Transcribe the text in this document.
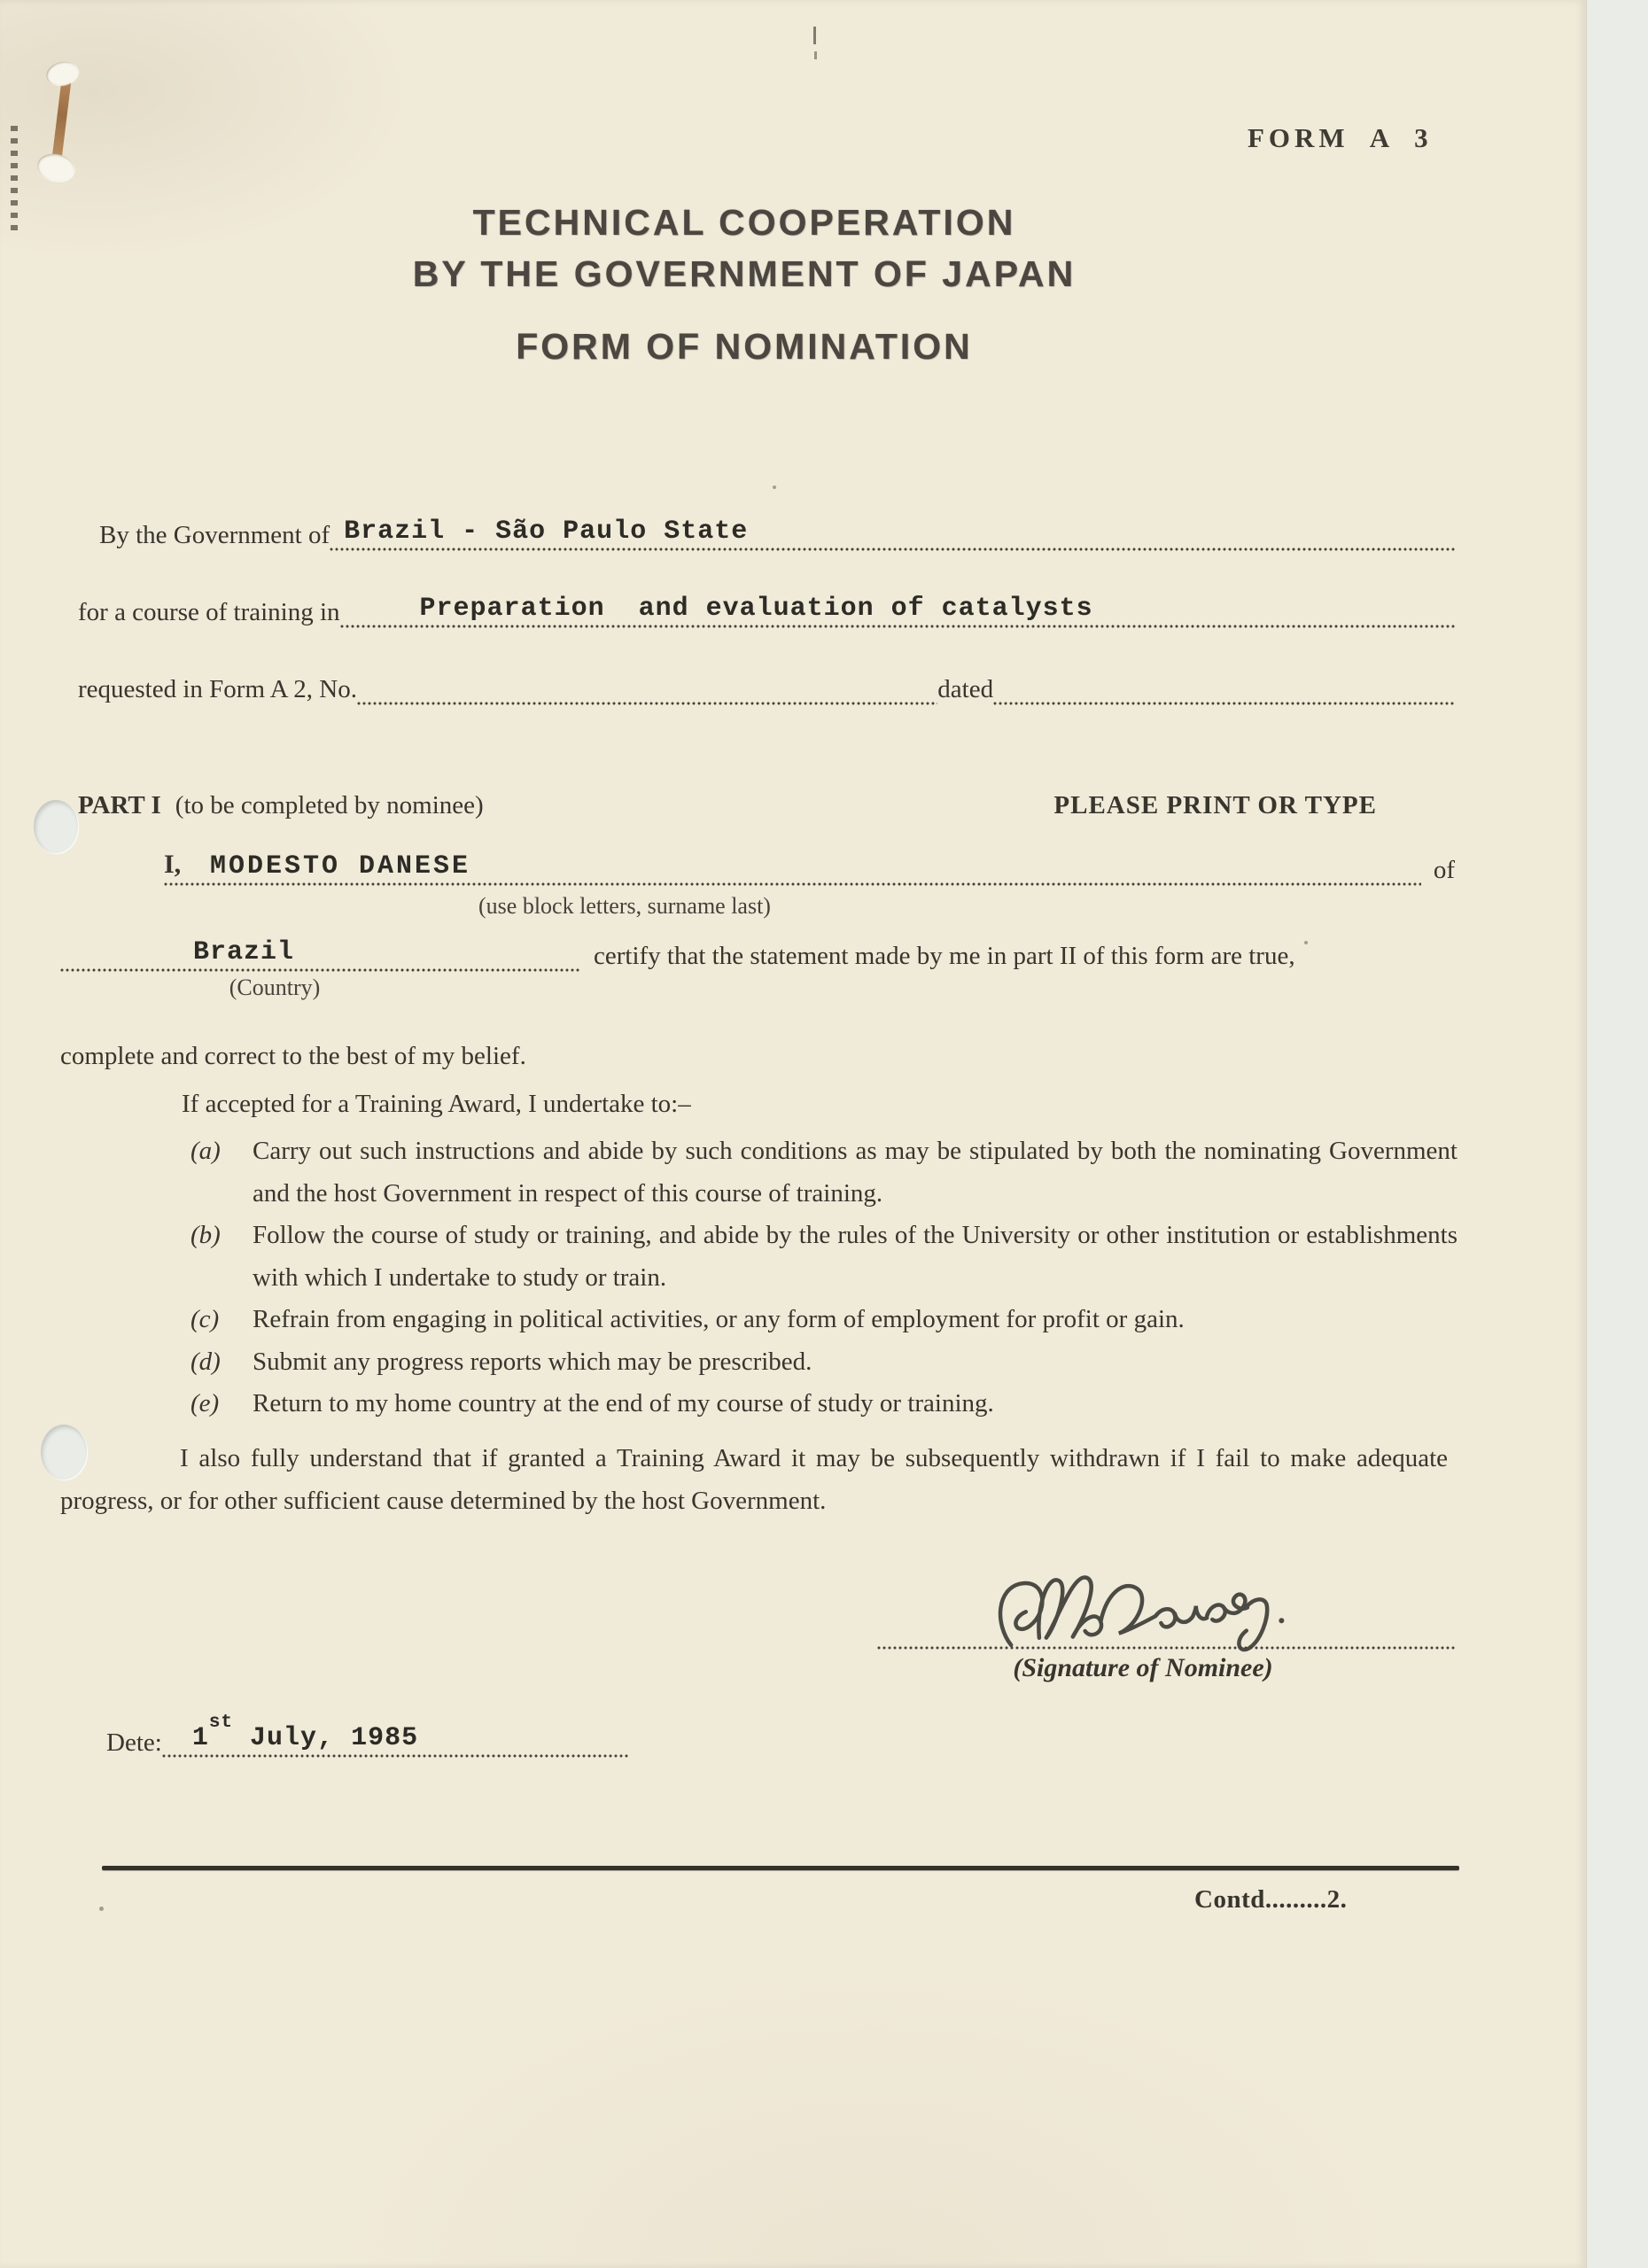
FORM A 3
TECHNICAL COOPERATION
BY THE GOVERNMENT OF JAPAN
FORM OF NOMINATION
By the Government of Brazil - São Paulo State
for a course of training in	Preparation  and evaluation of catalysts
requested in Form A 2, No.	dated
PART I (to be completed by nominee)	PLEASE PRINT OR TYPE
I, MODESTO DANESE	of
(use block letters, surname last)
Brazil	certify that the statement made by me in part II of this form are true,
(Country)
complete and correct to the best of my belief.
If accepted for a Training Award, I undertake to:–
(a)	Carry out such instructions and abide by such conditions as may be stipulated by both the nominating Government and the host Government in respect of this course of training.
(b)	Follow the course of study or training, and abide by the rules of the University or other institution or establishments with which I undertake to study or train.
(c)	Refrain from engaging in political activities, or any form of employment for profit or gain.
(d)	Submit any progress reports which may be prescribed.
(e)	Return to my home country at the end of my course of study or training.
I also fully understand that if granted a Training Award it may be subsequently withdrawn if I fail to make adequate progress, or for other sufficient cause determined by the host Government.
(Signature of Nominee)
Dete: 1st July, 1985
Contd.........2.
